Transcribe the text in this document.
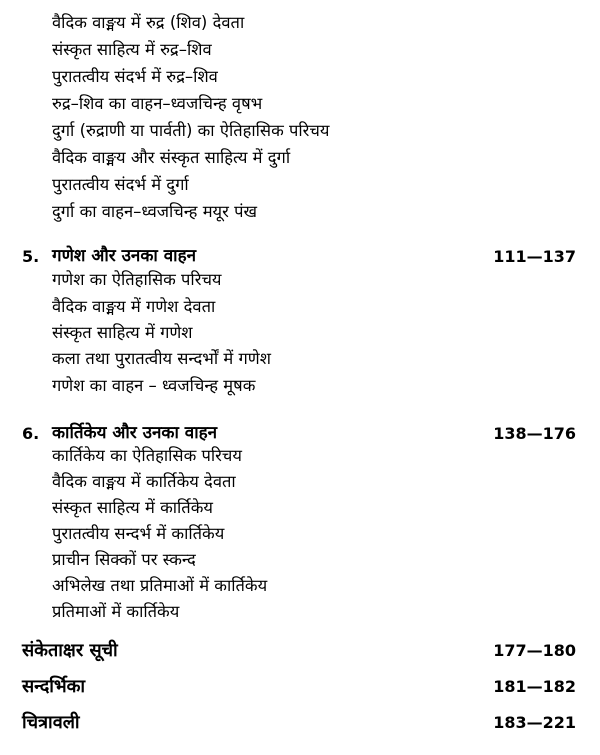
वैदिक वाङ्मय में रुद्र (शिव) देवता
संस्कृत साहित्य में रुद्र–शिव
पुरातत्वीय संदर्भ में रुद्र–शिव
रुद्र–शिव का वाहन–ध्वजचिन्ह वृषभ
दुर्गा (रुद्राणी या पार्वती) का ऐतिहासिक परिचय
वैदिक वाङ्मय और संस्कृत साहित्य में दुर्गा
पुरातत्वीय संदर्भ में दुर्गा
दुर्गा का वाहन–ध्वजचिन्ह मयूर पंख
5. गणेश और उनका वाहन	111—137
गणेश का ऐतिहासिक परिचय
वैदिक वाङ्मय में गणेश देवता
संस्कृत साहित्य में गणेश
कला तथा पुरातत्वीय सन्दर्भों में गणेश
गणेश का वाहन – ध्वजचिन्ह मूषक
6. कार्तिकेय और उनका वाहन	138—176
कार्तिकेय का ऐतिहासिक परिचय
वैदिक वाङ्मय में कार्तिकेय देवता
संस्कृत साहित्य में कार्तिकेय
पुरातत्वीय सन्दर्भ में कार्तिकेय
प्राचीन सिक्कों पर स्कन्द
अभिलेख तथा प्रतिमाओं में कार्तिकेय
प्रतिमाओं में कार्तिकेय
संकेताक्षर सूची	177—180
सन्दर्भिका	181—182
चित्रावली	183—221
